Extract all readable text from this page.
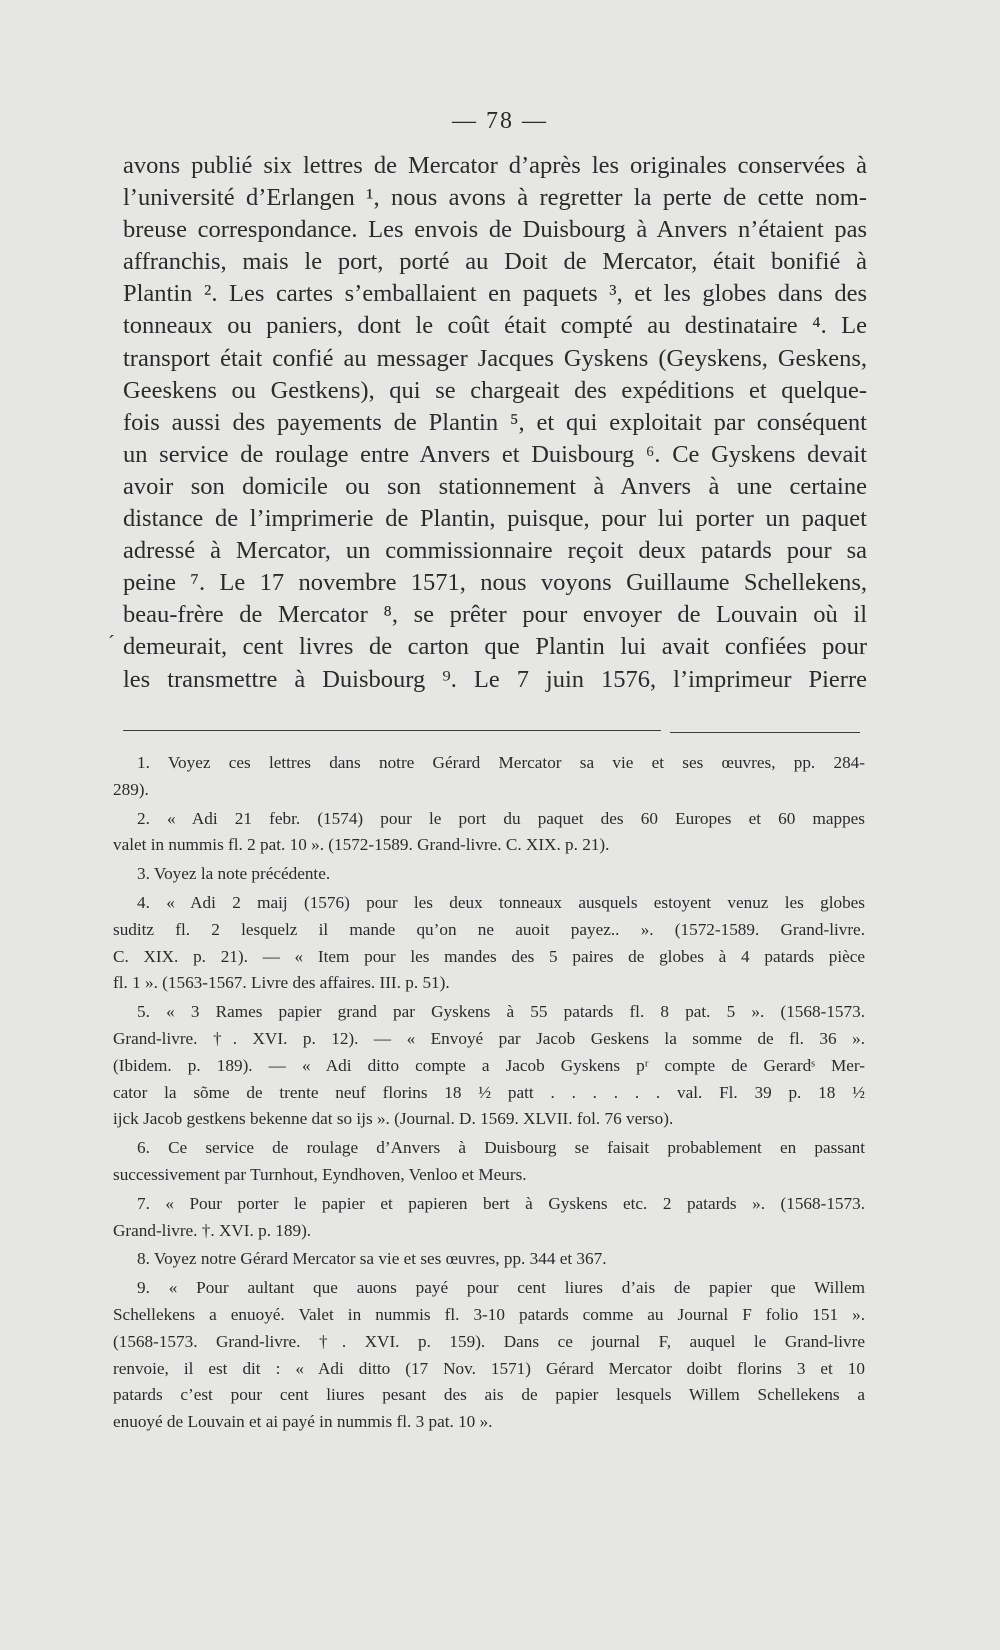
— 78 —
avons publié six lettres de Mercator d’après les originales conservées à
l’université d’Erlangen ¹, nous avons à regretter la perte de cette nom-
breuse correspondance. Les envois de Duisbourg à Anvers n’étaient pas
affranchis, mais le port, porté au Doit de Mercator, était bonifié à
Plantin ². Les cartes s’emballaient en paquets ³, et les globes dans des
tonneaux ou paniers, dont le coût était compté au destinataire ⁴. Le
transport était confié au messager Jacques Gyskens (Geyskens, Geskens,
Geeskens ou Gestkens), qui se chargeait des expéditions et quelque-
fois aussi des payements de Plantin ⁵, et qui exploitait par conséquent
un service de roulage entre Anvers et Duisbourg ⁶. Ce Gyskens devait
avoir son domicile ou son stationnement à Anvers à une certaine
distance de l’imprimerie de Plantin, puisque, pour lui porter un paquet
adressé à Mercator, un commissionnaire reçoit deux patards pour sa
peine ⁷. Le 17 novembre 1571, nous voyons Guillaume Schellekens,
beau-frère de Mercator ⁸, se prêter pour envoyer de Louvain où il
demeurait, cent livres de carton que Plantin lui avait confiées pour
les transmettre à Duisbourg ⁹. Le 7 juin 1576, l’imprimeur Pierre
´
1. Voyez ces lettres dans notre Gérard Mercator sa vie et ses œuvres, pp. 284-
289).
2. « Adi 21 febr. (1574) pour le port du paquet des 60 Europes et 60 mappes
valet in nummis fl. 2 pat. 10 ». (1572-1589. Grand-livre. C. XIX. p. 21).
3. Voyez la note précédente.
4. « Adi 2 maij (1576) pour les deux tonneaux ausquels estoyent venuz les globes
suditz fl. 2 lesquelz il mande qu’on ne auoit payez.. ». (1572-1589. Grand-livre.
C. XIX. p. 21). — « Item pour les mandes des 5 paires de globes à 4 patards pièce
fl. 1 ». (1563-1567. Livre des affaires. III. p. 51).
5. « 3 Rames papier grand par Gyskens à 55 patards fl. 8 pat. 5 ». (1568-1573.
Grand-livre. †. XVI. p. 12). — « Envoyé par Jacob Geskens la somme de fl. 36 ».
(Ibidem. p. 189). — « Adi ditto compte a Jacob Gyskens pʳ compte de Gerardˢ Mer-
cator la sõme de trente neuf florins 18 ½ patt . . . . . . val. Fl. 39 p. 18 ½
ijck Jacob gestkens bekenne dat so ijs ». (Journal. D. 1569. XLVII. fol. 76 verso).
6. Ce service de roulage d’Anvers à Duisbourg se faisait probablement en passant
successivement par Turnhout, Eyndhoven, Venloo et Meurs.
7. « Pour porter le papier et papieren bert à Gyskens etc. 2 patards ». (1568-1573.
Grand-livre. †. XVI. p. 189).
8. Voyez notre Gérard Mercator sa vie et ses œuvres, pp. 344 et 367.
9. « Pour aultant que auons payé pour cent liures d’ais de papier que Willem
Schellekens a enuoyé. Valet in nummis fl. 3-10 patards comme au Journal F folio 151 ».
(1568-1573. Grand-livre. †. XVI. p. 159). Dans ce journal F, auquel le Grand-livre
renvoie, il est dit : « Adi ditto (17 Nov. 1571) Gérard Mercator doibt florins 3 et 10
patards c’est pour cent liures pesant des ais de papier lesquels Willem Schellekens a
enuoyé de Louvain et ai payé in nummis fl. 3 pat. 10 ».
